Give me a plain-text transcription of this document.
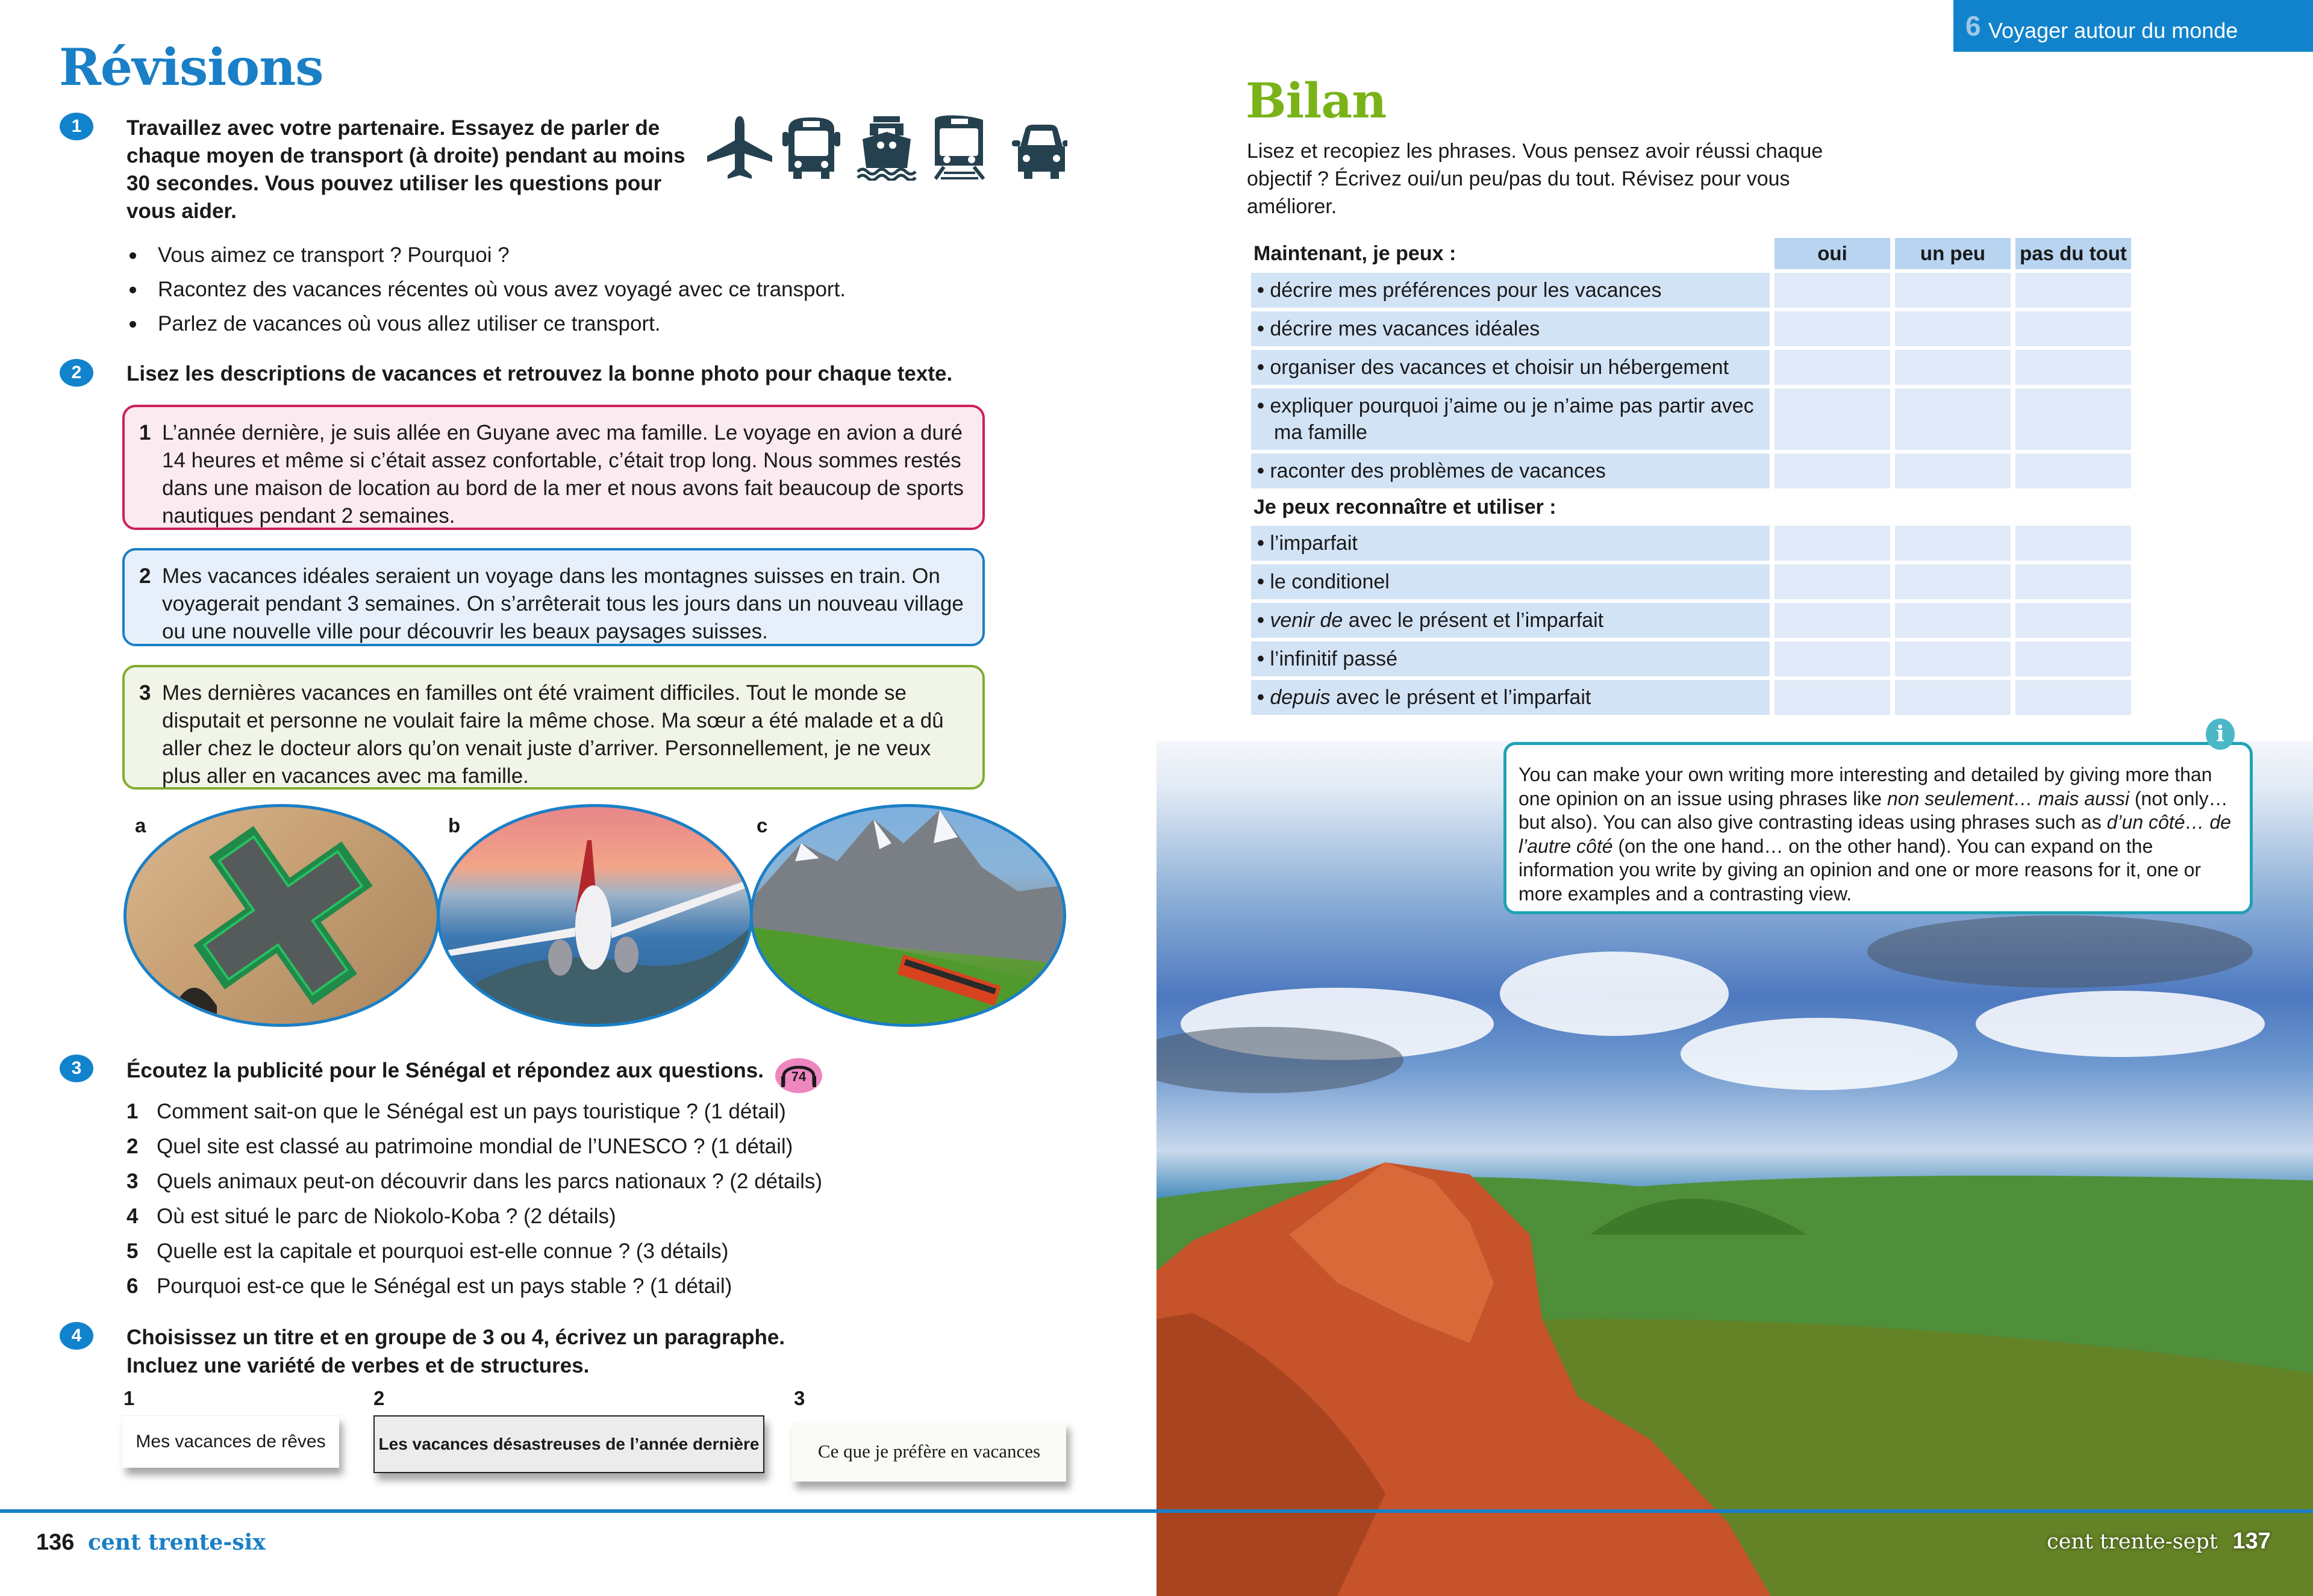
Révisions
1	Travaillez avec votre partenaire. Essayez de parler de chaque moyen de transport (à droite) pendant au moins 30 secondes. Vous pouvez utiliser les questions pour vous aider.
Vous aimez ce transport ? Pourquoi ?
Racontez des vacances récentes où vous avez voyagé avec ce transport.
Parlez de vacances où vous allez utiliser ce transport.
2	Lisez les descriptions de vacances et retrouvez la bonne photo pour chaque texte.
1 L’année dernière, je suis allée en Guyane avec ma famille. Le voyage en avion a duré 14 heures et même si c’était assez confortable, c’était trop long. Nous sommes restés dans une maison de location au bord de la mer et nous avons fait beaucoup de sports nautiques pendant 2 semaines.
2 Mes vacances idéales seraient un voyage dans les montagnes suisses en train. On voyagerait pendant 3 semaines. On s’arrêterait tous les jours dans un nouveau village ou une nouvelle ville pour découvrir les beaux paysages suisses.
3 Mes dernières vacances en familles ont été vraiment difficiles. Tout le monde se disputait et personne ne voulait faire la même chose. Ma sœur a été malade et a dû aller chez le docteur alors qu’on venait juste d’arriver. Personnellement, je ne veux plus aller en vacances avec ma famille.
a	b	c
3	Écoutez la publicité pour le Sénégal et répondez aux questions.	74
1 Comment sait-on que le Sénégal est un pays touristique ? (1 détail)
2 Quel site est classé au patrimoine mondial de l’UNESCO ? (1 détail)
3 Quels animaux peut-on découvrir dans les parcs nationaux ? (2 détails)
4 Où est situé le parc de Niokolo-Koba ? (2 détails)
5 Quelle est la capitale et pourquoi est-elle connue ? (3 détails)
6 Pourquoi est-ce que le Sénégal est un pays stable ? (1 détail)
4	Choisissez un titre et en groupe de 3 ou 4, écrivez un paragraphe.
Incluez une variété de verbes et de structures.
1	2	3
Mes vacances de rêves	Les vacances désastreuses de l’année dernière	Ce que je préfère en vacances
136 cent trente-six
6 Voyager autour du monde
Bilan
Lisez et recopiez les phrases. Vous pensez avoir réussi chaque objectif ? Écrivez oui/un peu/pas du tout. Révisez pour vous améliorer.
Maintenant, je peux :	oui	un peu	pas du tout
• décrire mes préférences pour les vacances			
• décrire mes vacances idéales			
• organiser des vacances et choisir un hébergement			
• expliquer pourquoi j’aime ou je n’aime pas partir avec ma famille			
• raconter des problèmes de vacances			
Je peux reconnaître et utiliser :			
• l’imparfait			
• le conditionel			
• venir de avec le présent et l’imparfait			
• l’infinitif passé			
• depuis avec le présent et l’imparfait			
You can make your own writing more interesting and detailed by giving more than one opinion on an issue using phrases like non seulement… mais aussi (not only… but also). You can also give contrasting ideas using phrases such as d’un côté… de l’autre côté (on the one hand… on the other hand). You can expand on the information you write by giving an opinion and one or more reasons for it, one or more examples and a contrasting view.
i
cent trente-sept 137
